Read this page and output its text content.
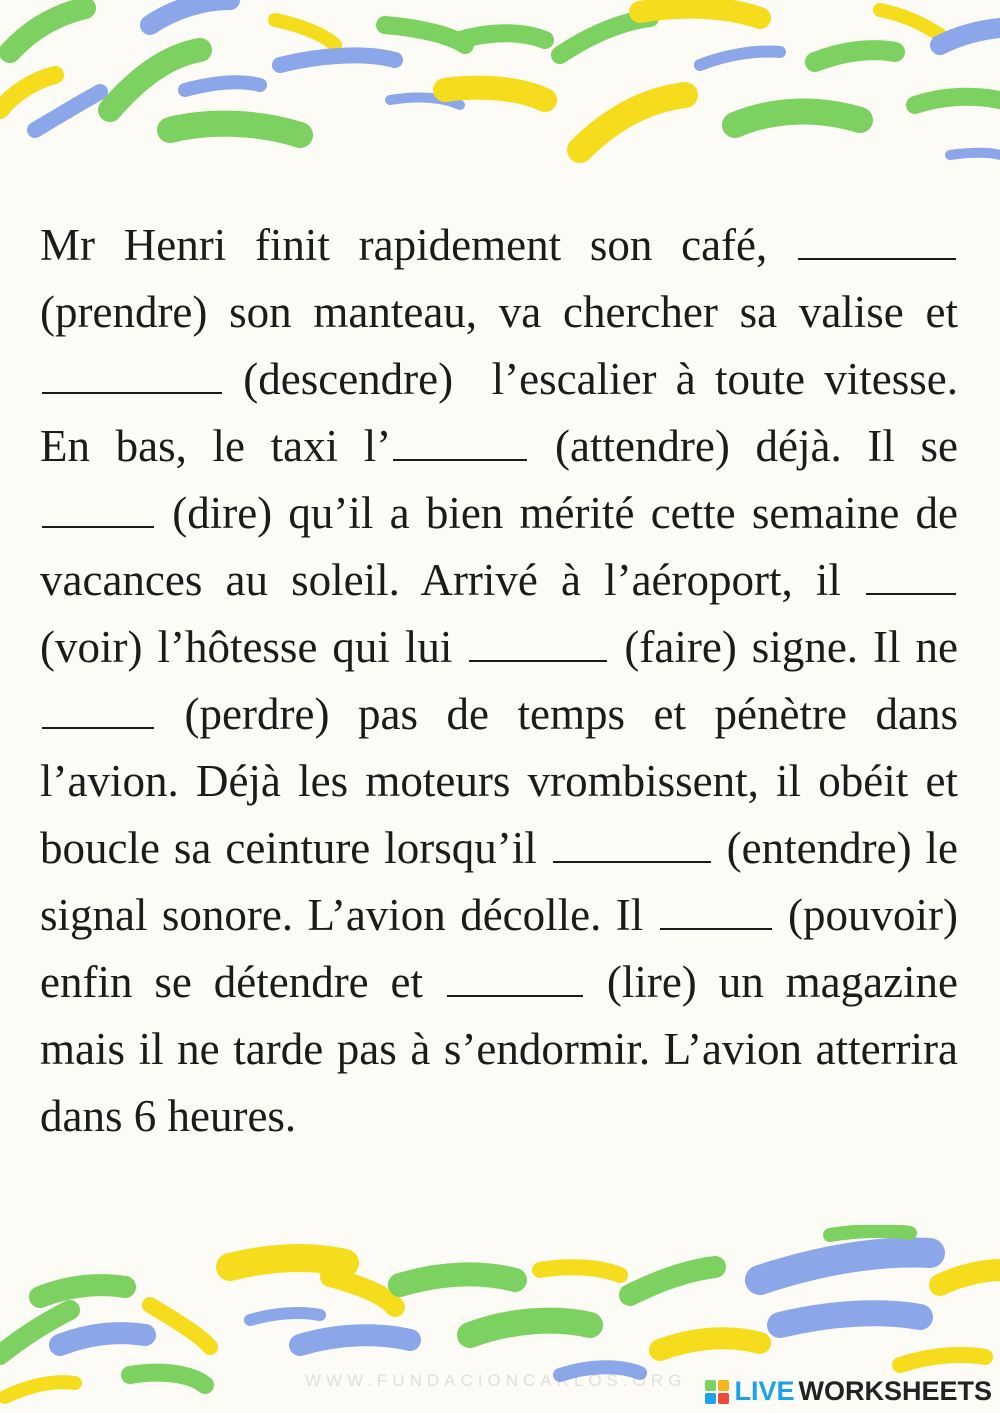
Mr Henri finit rapidement son café,  (prendre) son manteau, va chercher sa valise et  (descendre)  l’escalier à toute vitesse. En bas, le taxi l’	(attendre) déjà. Il se  (dire) qu’il a bien mérité cette semaine de vacances au soleil. Arrivé à l’aéroport, il  (voir) l’hôtesse qui lui	(faire) signe. Il ne  (perdre) pas de temps et pénètre dans l’avion. Déjà les moteurs vrombissent, il obéit et boucle sa ceinture lorsqu’il	(entendre) le signal sonore. L’avion décolle. Il	(pouvoir) enfin se détendre et	(lire) un magazine mais il ne tarde pas à s’endormir. L’avion atterrira dans 6 heures.

WWW.FUNDACIONCARLOS.ORG LIVE WORKSHEETS
